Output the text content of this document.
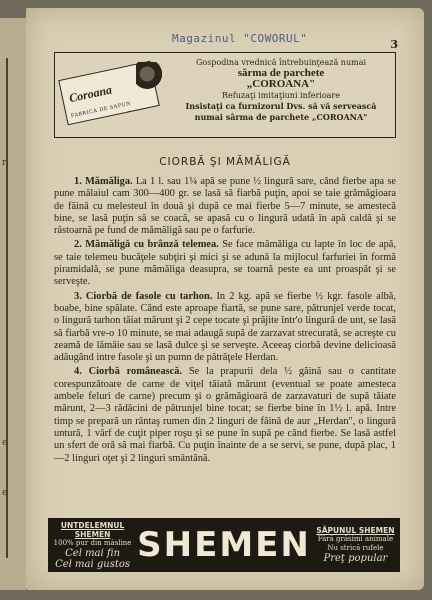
r
e
e
Magazinul "COWORUL"	3
Coroana
FABRICA DE SAPUN
Gospodina vrednică întrebuinţează numai
sărma de parchete
„COROANA"
Refuzaţi imitaţiuni inferioare
Insistaţi ca furnizorul Dvs. să vă servească numai sârma de parchete „COROANA"
CIORBĂ ŞI MĂMĂLIGĂ

1. Mămăliga. La 1 l. sau 1¼ apă se pune ½ lingură sare, când fierbe apa se pune mălaiul cam 300—400 gr. se lasă să fiarbă puţin, apoi se taie grămăgioara de făină cu melesteul în două şi după ce mai fierbe 5—7 minute, se amestecă bine, se lasă puţin să se coacă, se apasă cu o lingură udată în apă caldă şi se răstoarnă pe fund de mămăligă sau pe o farfurie.

2. Mămăligă cu brânză telemea. Se face mămăliga cu lapte în loc de apă, se taie telemeu bucăţele subţiri şi mici şi se adună la mijlocul farfuriei în formă piramidală, se pune mămăliga deasupra, se toarnă peste ea unt proaspăt şi se serveşte.

3. Ciorbă de fasole cu tarhon. In 2 kg. apă se fierbe ½ kgr. fasole albă, boabe, bine spălate. Când este aproape fiartă, se pune sare, pătrunjel verde tocat, o lingură tarhon tăiat mărunt şi 2 cepe tocate şi prăjite într'o lingură de unt, se lasă să fiarbă vre-o 10 minute, se mai adaugă supă de zarzavat strecurată, se acreşte cu zeamă de lămâie sau se lasă dulce şi se serveşte. Aceeaş ciorbă devine delicioasă adăugând intre fasole şi un pumn de pătrăţele Herdan.

4. Ciorbă românească. Se la prapurii dela ½ găină sau o cantitate corespunzătoare de carne de viţel tăiată mărunt (eventual se poate amesteca ambele feluri de carne) precum şi o grămăgioară de zarzavaturi de supă tăiate mărunt, 2—3 rădăcini de pătrunjel bine tocat; se fierbe bine în 1½ l. apă. Intre timp se prepară un rântaş rumen din 2 linguri de făină de aur „Herdan", o lingură untură, 1 vârf de cuţit piper roşu şi se pune în supă pe când fierbe. Se lasă astfel un sfert de oră să mai fiarbă. Cu puţin înainte de a se servi, se pune, după plac, 1—2 linguri oţet şi 2 linguri smântână.

UNTDELEMNUL SHEMEN
100% pur din măsline
Cel mai fin
Cel mai gustos SHEMEN SĂPUNUL SHEMEN
Fără grăsimi animale
Nu strică rufele
Preţ popular
